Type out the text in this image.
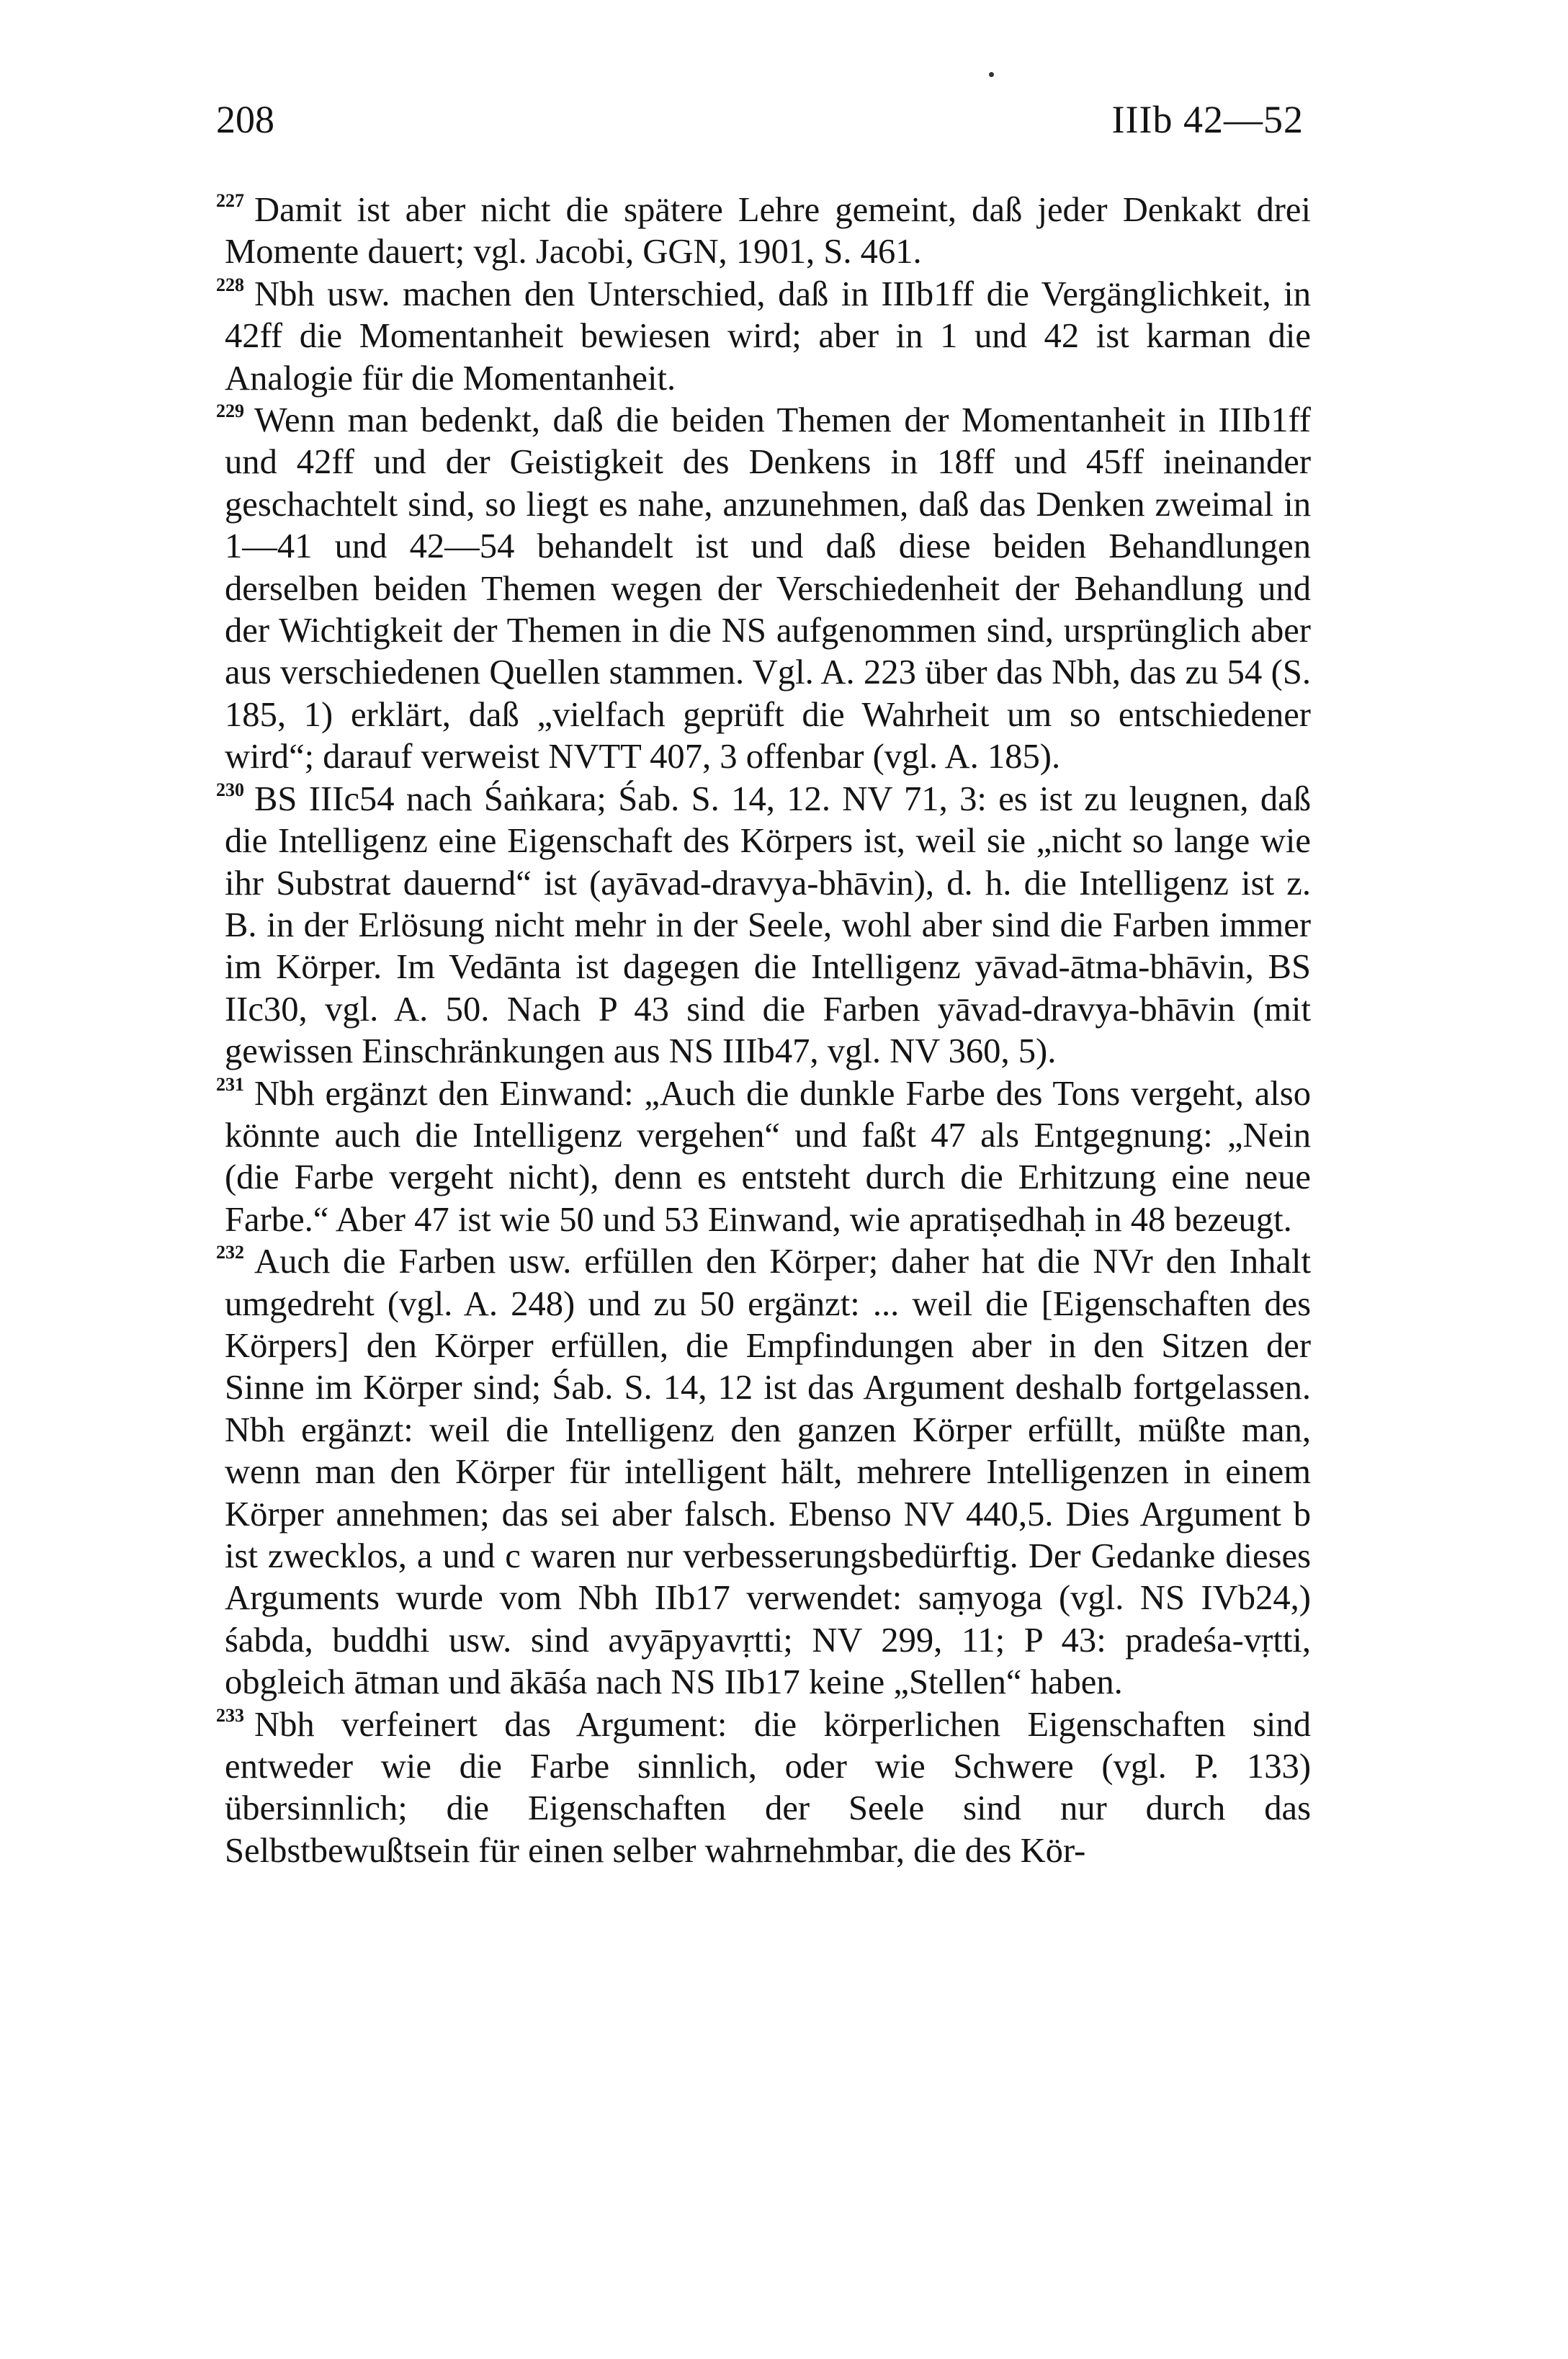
208	IIIb 42—52

$^{227}$ Damit ist aber nicht die spätere Lehre gemeint, daß jeder Denkakt drei Momente dauert; vgl. Jacobi, GGN, 1901, S. 461.

$^{228}$ Nbh usw. machen den Unterschied, daß in IIIb1ff die Vergänglichkeit, in 42ff die Momentanheit bewiesen wird; aber in 1 und 42 ist karman die Analogie für die Momentanheit.

$^{229}$ Wenn man bedenkt, daß die beiden Themen der Momentanheit in IIIb1ff und 42ff und der Geistigkeit des Denkens in 18ff und 45ff ineinander geschachtelt sind, so liegt es nahe, anzunehmen, daß das Denken zweimal in 1—41 und 42—54 behandelt ist und daß diese beiden Behandlungen derselben beiden Themen wegen der Verschiedenheit der Behandlung und der Wichtigkeit der Themen in die NS aufgenommen sind, ursprünglich aber aus verschiedenen Quellen stammen. Vgl. A. 223 über das Nbh, das zu 54 (S. 185, 1) erklärt, daß „vielfach geprüft die Wahrheit um so entschiedener wird“; darauf verweist NVTT 407, 3 offenbar (vgl. A. 185).

$^{230}$ BS IIIc54 nach Śaṅkara; Śab. S. 14, 12. NV 71, 3: es ist zu leugnen, daß die Intelligenz eine Eigenschaft des Körpers ist, weil sie „nicht so lange wie ihr Substrat dauernd“ ist (ayāvad-dravya-bhāvin), d. h. die Intelligenz ist z. B. in der Erlösung nicht mehr in der Seele, wohl aber sind die Farben immer im Körper. Im Vedānta ist dagegen die Intelligenz yāvad-ātma-bhāvin, BS IIc30, vgl. A. 50. Nach P 43 sind die Farben yāvad-dravya-bhāvin (mit gewissen Einschränkungen aus NS IIIb47, vgl. NV 360, 5).

$^{231}$ Nbh ergänzt den Einwand: „Auch die dunkle Farbe des Tons vergeht, also könnte auch die Intelligenz vergehen“ und faßt 47 als Entgegnung: „Nein (die Farbe vergeht nicht), denn es entsteht durch die Erhitzung eine neue Farbe.“ Aber 47 ist wie 50 und 53 Einwand, wie apratiṣedhaḥ in 48 bezeugt.

$^{232}$ Auch die Farben usw. erfüllen den Körper; daher hat die NVr den Inhalt umgedreht (vgl. A. 248) und zu 50 ergänzt: ... weil die [Eigenschaften des Körpers] den Körper erfüllen, die Empfindungen aber in den Sitzen der Sinne im Körper sind; Śab. S. 14, 12 ist das Argument deshalb fortgelassen. Nbh ergänzt: weil die Intelligenz den ganzen Körper erfüllt, müßte man, wenn man den Körper für intelligent hält, mehrere Intelligenzen in einem Körper annehmen; das sei aber falsch. Ebenso NV 440,5. Dies Argument b ist zwecklos, a und c waren nur verbesserungsbedürftig. Der Gedanke dieses Arguments wurde vom Nbh IIb17 verwendet: saṃyoga (vgl. NS IVb24,) śabda, buddhi usw. sind avyāpyavṛtti; NV 299, 11; P 43: pradeśa-vṛtti, obgleich ātman und ākāśa nach NS IIb17 keine „Stellen“ haben.

$^{233}$ Nbh verfeinert das Argument: die körperlichen Eigenschaften sind entweder wie die Farbe sinnlich, oder wie Schwere (vgl. P. 133) übersinnlich; die Eigenschaften der Seele sind nur durch das Selbstbewußtsein für einen selber wahrnehmbar, die des Kör-
